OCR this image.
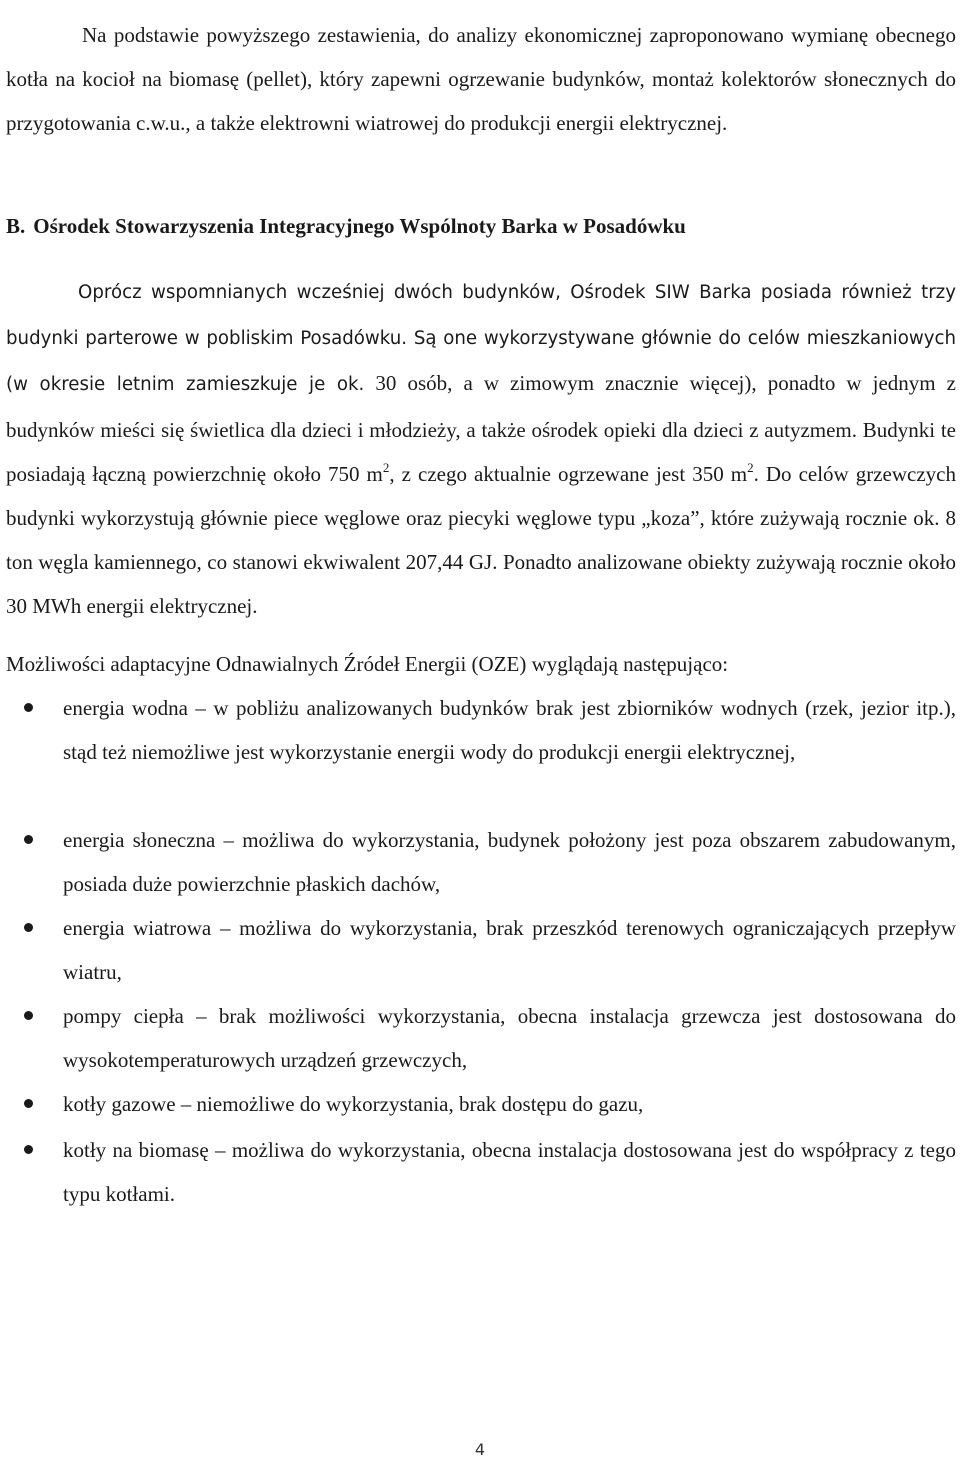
Na podstawie powyższego zestawienia, do analizy ekonomicznej zaproponowano wymianę obecnego kotła na kocioł na biomasę (pellet), który zapewni ogrzewanie budynków, montaż kolektorów słonecznych do przygotowania c.w.u., a także elektrowni wiatrowej do produkcji energii elektrycznej.

B. Ośrodek Stowarzyszenia Integracyjnego Wspólnoty Barka w Posadówku

Oprócz wspomnianych wcześniej dwóch budynków, Ośrodek SIW Barka posiada również trzy budynki parterowe w pobliskim Posadówku. Są one wykorzystywane głównie do celów mieszkaniowych (w okresie letnim zamieszkuje je ok. 30 osób, a w zimowym znacznie więcej), ponadto w jednym z budynków mieści się świetlica dla dzieci i młodzieży, a także ośrodek opieki dla dzieci z autyzmem. Budynki te posiadają łączną powierzchnię około 750 $m^2$, z czego aktualnie ogrzewane jest 350 $m^2$. Do celów grzewczych budynki wykorzystują głównie piece węglowe oraz piecyki węglowe typu „koza”, które zużywają rocznie ok. 8 ton węgla kamiennego, co stanowi ekwiwalent 207,44 GJ. Ponadto analizowane obiekty zużywają rocznie około 30 MWh energii elektrycznej.

Możliwości adaptacyjne Odnawialnych Źródeł Energii (OZE) wyglądają następująco:
energia wodna – w pobliżu analizowanych budynków brak jest zbiorników wodnych (rzek, jezior itp.), stąd też niemożliwe jest wykorzystanie energii wody do produkcji energii elektrycznej,
energia słoneczna – możliwa do wykorzystania, budynek położony jest poza obszarem zabudowanym, posiada duże powierzchnie płaskich dachów,
energia wiatrowa – możliwa do wykorzystania, brak przeszkód terenowych ograniczających przepływ wiatru,
pompy ciepła – brak możliwości wykorzystania, obecna instalacja grzewcza jest dostosowana do wysokotemperaturowych urządzeń grzewczych,
kotły gazowe – niemożliwe do wykorzystania, brak dostępu do gazu,
kotły na biomasę – możliwa do wykorzystania, obecna instalacja dostosowana jest do współpracy z tego typu kotłami.
4
